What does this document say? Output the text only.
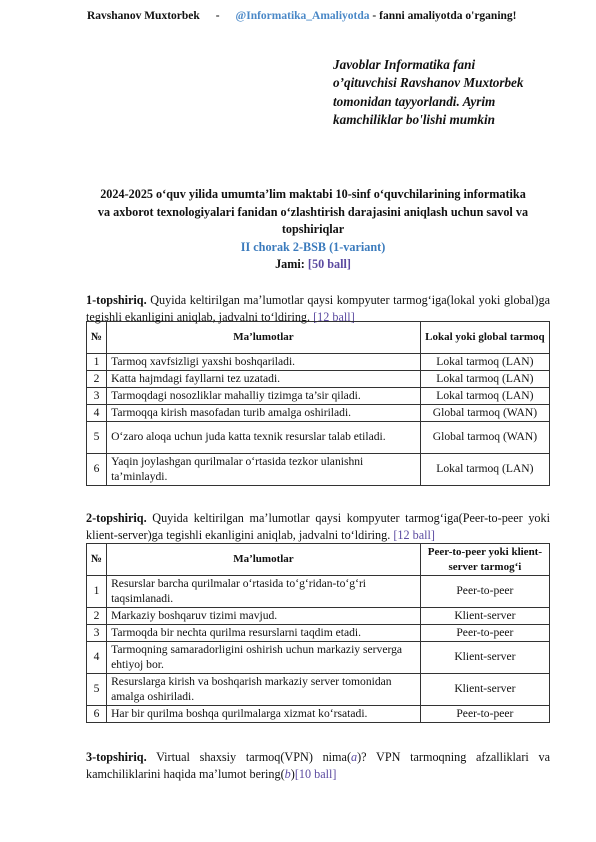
Ravshanov Muxtorbek - @Informatika_Amaliyotda - fanni amaliyotda o'rganing!
Javoblar Informatika fani
o’qituvchisi Ravshanov Muxtorbek
tomonidan tayyorlandi. Ayrim
kamchiliklar bo'lishi mumkin
2024-2025 o‘quv yilida umumta’lim maktabi 10-sinf o‘quvchilarining informatika
va axborot texnologiyalari fanidan o‘zlashtirish darajasini aniqlash uchun savol va
topshiriqlar
II chorak 2-BSB (1-variant)
Jami: [50 ball]
1-topshiriq. Quyida keltirilgan ma’lumotlar qaysi kompyuter tarmog‘iga(lokal yoki global)ga tegishli ekanligini aniqlab, jadvalni to‘ldiring. [12 ball]
№	Ma’lumotlar	Lokal yoki global tarmoq
1	Tarmoq xavfsizligi yaxshi boshqariladi.	Lokal tarmoq (LAN)
2	Katta hajmdagi fayllarni tez uzatadi.	Lokal tarmoq (LAN)
3	Tarmoqdagi nosozliklar mahalliy tizimga ta’sir qiladi.	Lokal tarmoq (LAN)
4	Tarmoqqa kirish masofadan turib amalga oshiriladi.	Global tarmoq (WAN)
5	O‘zaro aloqa uchun juda katta texnik resurslar talab etiladi.	Global tarmoq (WAN)
6	Yaqin joylashgan qurilmalar o‘rtasida tezkor ulanishni ta’minlaydi.	Lokal tarmoq (LAN)
2-topshiriq. Quyida keltirilgan ma’lumotlar qaysi kompyuter tarmog‘iga(Peer-to-peer yoki klient-server)ga tegishli ekanligini aniqlab, jadvalni to‘ldiring. [12 ball]
№	Ma’lumotlar	Peer-to-peer yoki klient-server tarmog‘i
1	Resurslar barcha qurilmalar o‘rtasida to‘g‘ridan-to‘g‘ri taqsimlanadi.	Peer-to-peer
2	Markaziy boshqaruv tizimi mavjud.	Klient-server
3	Tarmoqda bir nechta qurilma resurslarni taqdim etadi.	Peer-to-peer
4	Tarmoqning samaradorligini oshirish uchun markaziy serverga ehtiyoj bor.	Klient-server
5	Resurslarga kirish va boshqarish markaziy server tomonidan amalga oshiriladi.	Klient-server
6	Har bir qurilma boshqa qurilmalarga xizmat ko‘rsatadi.	Peer-to-peer
3-topshiriq. Virtual shaxsiy tarmoq(VPN) nima(a)? VPN tarmoqning afzalliklari va kamchiliklarini haqida ma’lumot bering(b)[10 ball]
